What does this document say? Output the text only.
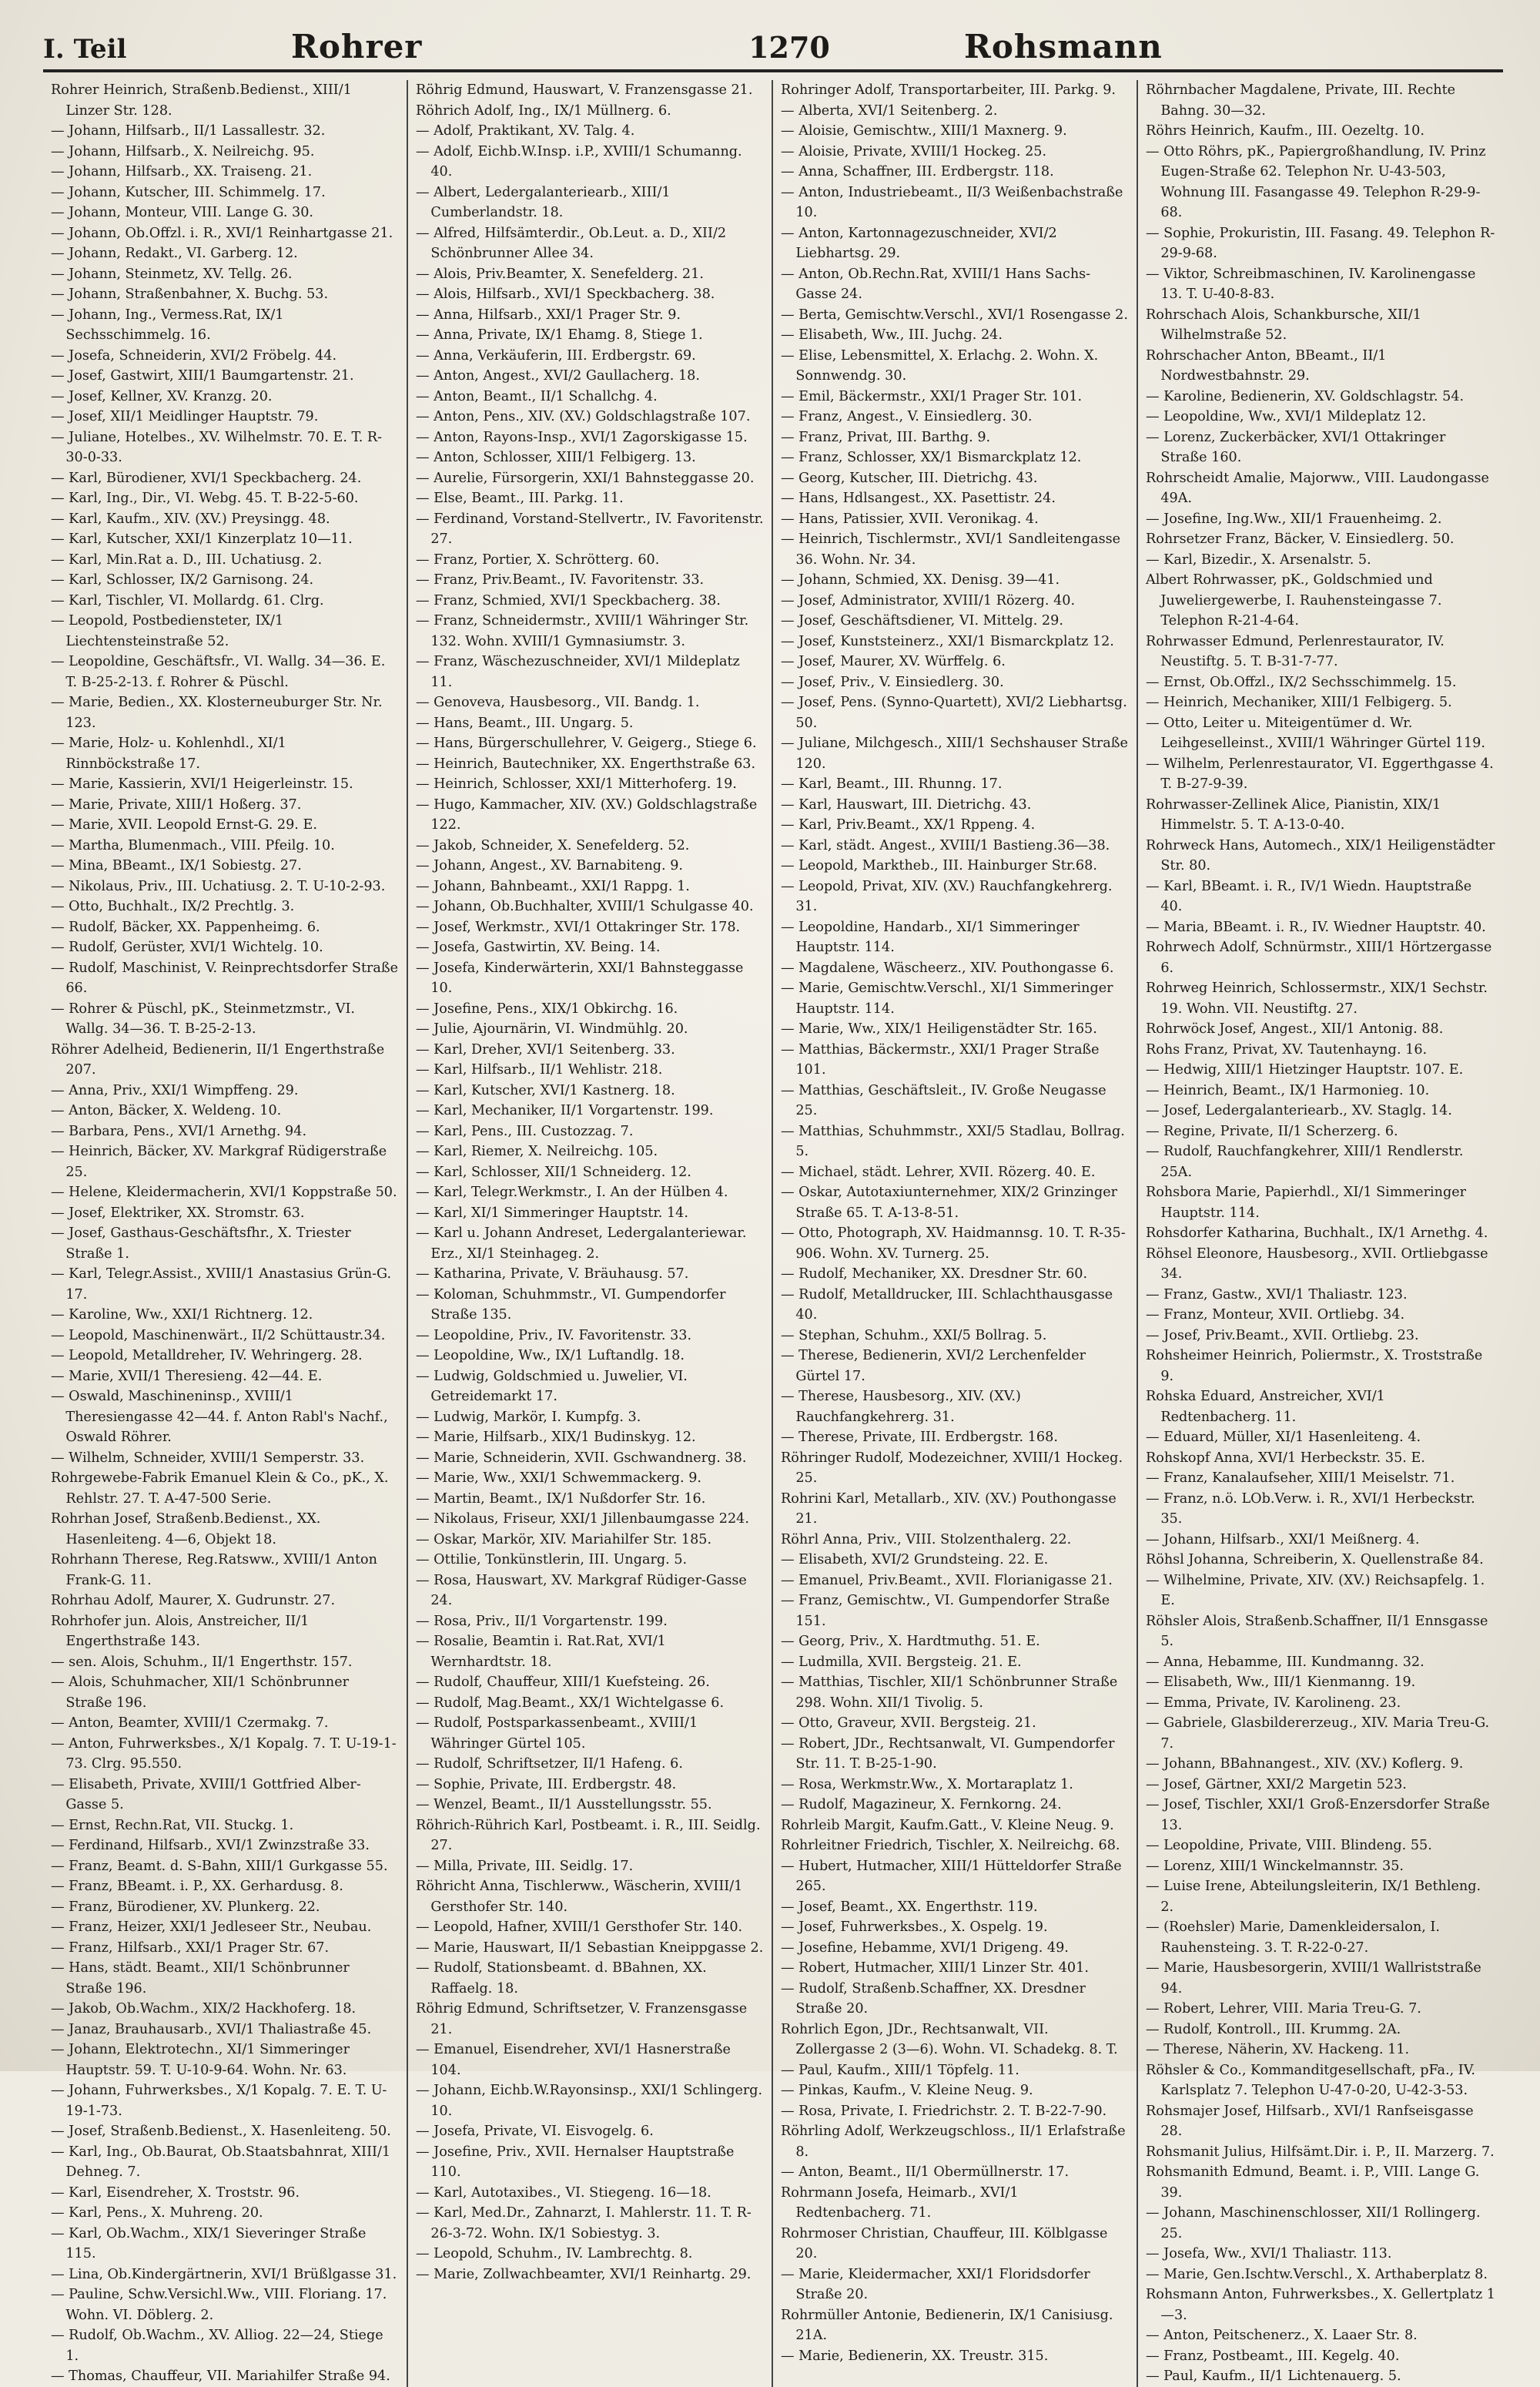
I. Teil	Rohrer	1270	Rohsmann

Rohrer Heinrich, Straßenb.Bedienst., XIII/1 Linzer Str. 128.

— Johann, Hilfsarb., II/1 Lassallestr. 32.

— Johann, Hilfsarb., X. Neilreichg. 95.

— Johann, Hilfsarb., XX. Traiseng. 21.

— Johann, Kutscher, III. Schimmelg. 17.

— Johann, Monteur, VIII. Lange G. 30.

— Johann, Ob.Offzl. i. R., XVI/1 Reinhartgasse 21.

— Johann, Redakt., VI. Garberg. 12.

— Johann, Steinmetz, XV. Tellg. 26.

— Johann, Straßenbahner, X. Buchg. 53.

— Johann, Ing., Vermess.Rat, IX/1 Sechsschimmelg. 16.

— Josefa, Schneiderin, XVI/2 Fröbelg. 44.

— Josef, Gastwirt, XIII/1 Baumgartenstr. 21.

— Josef, Kellner, XV. Kranzg. 20.

— Josef, XII/1 Meidlinger Hauptstr. 79.

— Juliane, Hotelbes., XV. Wilhelmstr. 70. E. T. R-30-0-33.

— Karl, Bürodiener, XVI/1 Speckbacherg. 24.

— Karl, Ing., Dir., VI. Webg. 45. T. B-22-5-60.

— Karl, Kaufm., XIV. (XV.) Preysingg. 48.

— Karl, Kutscher, XXI/1 Kinzerplatz 10—11.

— Karl, Min.Rat a. D., III. Uchatiusg. 2.

— Karl, Schlosser, IX/2 Garnisong. 24.

— Karl, Tischler, VI. Mollardg. 61. Clrg.

— Leopold, Postbediensteter, IX/1 Liechtensteinstraße 52.

— Leopoldine, Geschäftsfr., VI. Wallg. 34—36. E. T. B-25-2-13. f. Rohrer & Püschl.

— Marie, Bedien., XX. Klosterneuburger Str. Nr. 123.

— Marie, Holz- u. Kohlenhdl., XI/1 Rinnböckstraße 17.

— Marie, Kassierin, XVI/1 Heigerleinstr. 15.

— Marie, Private, XIII/1 Hoßerg. 37.

— Marie, XVII. Leopold Ernst-G. 29. E.

— Martha, Blumenmach., VIII. Pfeilg. 10.

— Mina, BBeamt., IX/1 Sobiestg. 27.

— Nikolaus, Priv., III. Uchatiusg. 2. T. U-10-2-93.

— Otto, Buchhalt., IX/2 Prechtlg. 3.

— Rudolf, Bäcker, XX. Pappenheimg. 6.

— Rudolf, Gerüster, XVI/1 Wichtelg. 10.

— Rudolf, Maschinist, V. Reinprechtsdorfer Straße 66.

— Rohrer & Püschl, pK., Steinmetzmstr., VI. Wallg. 34—36. T. B-25-2-13.

Röhrer Adelheid, Bedienerin, II/1 Engerthstraße 207.

— Anna, Priv., XXI/1 Wimpffeng. 29.

— Anton, Bäcker, X. Weldeng. 10.

— Barbara, Pens., XVI/1 Arnethg. 94.

— Heinrich, Bäcker, XV. Markgraf Rüdigerstraße 25.

— Helene, Kleidermacherin, XVI/1 Koppstraße 50.

— Josef, Elektriker, XX. Stromstr. 63.

— Josef, Gasthaus-Geschäftsfhr., X. Triester Straße 1.

— Karl, Telegr.Assist., XVIII/1 Anastasius Grün-G. 17.

— Karoline, Ww., XXI/1 Richtnerg. 12.

— Leopold, Maschinenwärt., II/2 Schüttaustr.34.

— Leopold, Metalldreher, IV. Wehringerg. 28.

— Marie, XVII/1 Theresieng. 42—44. E.

— Oswald, Maschineninsp., XVIII/1 Theresiengasse 42—44. f. Anton Rabl's Nachf., Oswald Röhrer.

— Wilhelm, Schneider, XVIII/1 Semperstr. 33.

Rohrgewebe-Fabrik Emanuel Klein & Co., pK., X. Rehlstr. 27. T. A-47-500 Serie.

Rohrhan Josef, Straßenb.Bedienst., XX. Hasenleiteng. 4—6, Objekt 18.

Rohrhann Therese, Reg.Ratsww., XVIII/1 Anton Frank-G. 11.

Rohrhau Adolf, Maurer, X. Gudrunstr. 27.

Rohrhofer jun. Alois, Anstreicher, II/1 Engerthstraße 143.

— sen. Alois, Schuhm., II/1 Engerthstr. 157.

— Alois, Schuhmacher, XII/1 Schönbrunner Straße 196.

— Anton, Beamter, XVIII/1 Czermakg. 7.

— Anton, Fuhrwerksbes., X/1 Kopalg. 7. T. U-19-1-73. Clrg. 95.550.

— Elisabeth, Private, XVIII/1 Gottfried Alber-Gasse 5.

— Ernst, Rechn.Rat, VII. Stuckg. 1.

— Ferdinand, Hilfsarb., XVI/1 Zwinzstraße 33.

— Franz, Beamt. d. S-Bahn, XIII/1 Gurkgasse 55.

— Franz, BBeamt. i. P., XX. Gerhardusg. 8.

— Franz, Bürodiener, XV. Plunkerg. 22.

— Franz, Heizer, XXI/1 Jedleseer Str., Neubau.

— Franz, Hilfsarb., XXI/1 Prager Str. 67.

— Hans, städt. Beamt., XII/1 Schönbrunner Straße 196.

— Jakob, Ob.Wachm., XIX/2 Hackhoferg. 18.

— Janaz, Brauhausarb., XVI/1 Thaliastraße 45.

— Johann, Elektrotechn., XI/1 Simmeringer Hauptstr. 59. T. U-10-9-64. Wohn. Nr. 63.

— Johann, Fuhrwerksbes., X/1 Kopalg. 7. E. T. U-19-1-73.

— Josef, Straßenb.Bedienst., X. Hasenleiteng. 50.

— Karl, Ing., Ob.Baurat, Ob.Staatsbahnrat, XIII/1 Dehneg. 7.

— Karl, Eisendreher, X. Troststr. 96.

— Karl, Pens., X. Muhreng. 20.

— Karl, Ob.Wachm., XIX/1 Sieveringer Straße 115.

— Lina, Ob.Kindergärtnerin, XVI/1 Brüßlgasse 31.

— Pauline, Schw.Versichl.Ww., VIII. Floriang. 17. Wohn. VI. Döblerg. 2.

— Rudolf, Ob.Wachm., XV. Alliog. 22—24, Stiege 1.

— Thomas, Chauffeur, VII. Mariahilfer Straße 94.

Röhrig Edmund, Hauswart, V. Franzensgasse 21.

Röhrich Adolf, Ing., IX/1 Müllnerg. 6.

— Adolf, Praktikant, XV. Talg. 4.

— Adolf, Eichb.W.Insp. i.P., XVIII/1 Schumanng. 40.

— Albert, Ledergalanteriearb., XIII/1 Cumberlandstr. 18.

— Alfred, Hilfsämterdir., Ob.Leut. a. D., XII/2 Schönbrunner Allee 34.

— Alois, Priv.Beamter, X. Senefelderg. 21.

— Alois, Hilfsarb., XVI/1 Speckbacherg. 38.

— Anna, Hilfsarb., XXI/1 Prager Str. 9.

— Anna, Private, IX/1 Ehamg. 8, Stiege 1.

— Anna, Verkäuferin, III. Erdbergstr. 69.

— Anton, Angest., XVI/2 Gaullacherg. 18.

— Anton, Beamt., II/1 Schallchg. 4.

— Anton, Pens., XIV. (XV.) Goldschlagstraße 107.

— Anton, Rayons-Insp., XVI/1 Zagorskigasse 15.

— Anton, Schlosser, XIII/1 Felbigerg. 13.

— Aurelie, Fürsorgerin, XXI/1 Bahnsteggasse 20.

— Else, Beamt., III. Parkg. 11.

— Ferdinand, Vorstand-Stellvertr., IV. Favoritenstr. 27.

— Franz, Portier, X. Schrötterg. 60.

— Franz, Priv.Beamt., IV. Favoritenstr. 33.

— Franz, Schmied, XVI/1 Speckbacherg. 38.

— Franz, Schneidermstr., XVIII/1 Währinger Str. 132. Wohn. XVIII/1 Gymnasiumstr. 3.

— Franz, Wäschezuschneider, XVI/1 Mildeplatz 11.

— Genoveva, Hausbesorg., VII. Bandg. 1.

— Hans, Beamt., III. Ungarg. 5.

— Hans, Bürgerschullehrer, V. Geigerg., Stiege 6.

— Heinrich, Bautechniker, XX. Engerthstraße 63.

— Heinrich, Schlosser, XXI/1 Mitterhoferg. 19.

— Hugo, Kammacher, XIV. (XV.) Goldschlagstraße 122.

— Jakob, Schneider, X. Senefelderg. 52.

— Johann, Angest., XV. Barnabiteng. 9.

— Johann, Bahnbeamt., XXI/1 Rappg. 1.

— Johann, Ob.Buchhalter, XVIII/1 Schulgasse 40.

— Josef, Werkmstr., XVI/1 Ottakringer Str. 178.

— Josefa, Gastwirtin, XV. Being. 14.

— Josefa, Kinderwärterin, XXI/1 Bahnsteggasse 10.

— Josefine, Pens., XIX/1 Obkirchg. 16.

— Julie, Ajournärin, VI. Windmühlg. 20.

— Karl, Dreher, XVI/1 Seitenberg. 33.

— Karl, Hilfsarb., II/1 Wehlistr. 218.

— Karl, Kutscher, XVI/1 Kastnerg. 18.

— Karl, Mechaniker, II/1 Vorgartenstr. 199.

— Karl, Pens., III. Custozzag. 7.

— Karl, Riemer, X. Neilreichg. 105.

— Karl, Schlosser, XII/1 Schneiderg. 12.

— Karl, Telegr.Werkmstr., I. An der Hülben 4.

— Karl, XI/1 Simmeringer Hauptstr. 14.

— Karl u. Johann Andreset, Ledergalanteriewar. Erz., XI/1 Steinhageg. 2.

— Katharina, Private, V. Bräuhausg. 57.

— Koloman, Schuhmmstr., VI. Gumpendorfer Straße 135.

— Leopoldine, Priv., IV. Favoritenstr. 33.

— Leopoldine, Ww., IX/1 Luftandlg. 18.

— Ludwig, Goldschmied u. Juwelier, VI. Getreidemarkt 17.

— Ludwig, Markör, I. Kumpfg. 3.

— Marie, Hilfsarb., XIX/1 Budinskyg. 12.

— Marie, Schneiderin, XVII. Gschwandnerg. 38.

— Marie, Ww., XXI/1 Schwemmackerg. 9.

— Martin, Beamt., IX/1 Nußdorfer Str. 16.

— Nikolaus, Friseur, XXI/1 Jillenbaumgasse 224.

— Oskar, Markör, XIV. Mariahilfer Str. 185.

— Ottilie, Tonkünstlerin, III. Ungarg. 5.

— Rosa, Hauswart, XV. Markgraf Rüdiger-Gasse 24.

— Rosa, Priv., II/1 Vorgartenstr. 199.

— Rosalie, Beamtin i. Rat.Rat, XVI/1 Wernhardtstr. 18.

— Rudolf, Chauffeur, XIII/1 Kuefsteing. 26.

— Rudolf, Mag.Beamt., XX/1 Wichtelgasse 6.

— Rudolf, Postsparkassenbeamt., XVIII/1 Währinger Gürtel 105.

— Rudolf, Schriftsetzer, II/1 Hafeng. 6.

— Sophie, Private, III. Erdbergstr. 48.

— Wenzel, Beamt., II/1 Ausstellungsstr. 55.

Röhrich-Rührich Karl, Postbeamt. i. R., III. Seidlg. 27.

— Milla, Private, III. Seidlg. 17.

Röhricht Anna, Tischlerww., Wäscherin, XVIII/1 Gersthofer Str. 140.

— Leopold, Hafner, XVIII/1 Gersthofer Str. 140.

— Marie, Hauswart, II/1 Sebastian Kneippgasse 2.

— Rudolf, Stationsbeamt. d. BBahnen, XX. Raffaelg. 18.

Röhrig Edmund, Schriftsetzer, V. Franzensgasse 21.

— Emanuel, Eisendreher, XVI/1 Hasnerstraße 104.

— Johann, Eichb.W.Rayonsinsp., XXI/1 Schlingerg. 10.

— Josefa, Private, VI. Eisvogelg. 6.

— Josefine, Priv., XVII. Hernalser Hauptstraße 110.

— Karl, Autotaxibes., VI. Stiegeng. 16—18.

— Karl, Med.Dr., Zahnarzt, I. Mahlerstr. 11. T. R-26-3-72. Wohn. IX/1 Sobiestyg. 3.

— Leopold, Schuhm., IV. Lambrechtg. 8.

— Marie, Zollwachbeamter, XVI/1 Reinhartg. 29.

Rohringer Adolf, Transportarbeiter, III. Parkg. 9.

— Alberta, XVI/1 Seitenberg. 2.

— Aloisie, Gemischtw., XIII/1 Maxnerg. 9.

— Aloisie, Private, XVIII/1 Hockeg. 25.

— Anna, Schaffner, III. Erdbergstr. 118.

— Anton, Industriebeamt., II/3 Weißenbachstraße 10.

— Anton, Kartonnagezuschneider, XVI/2 Liebhartsg. 29.

— Anton, Ob.Rechn.Rat, XVIII/1 Hans Sachs-Gasse 24.

— Berta, Gemischtw.Verschl., XVI/1 Rosengasse 2.

— Elisabeth, Ww., III. Juchg. 24.

— Elise, Lebensmittel, X. Erlachg. 2. Wohn. X. Sonnwendg. 30.

— Emil, Bäckermstr., XXI/1 Prager Str. 101.

— Franz, Angest., V. Einsiedlerg. 30.

— Franz, Privat, III. Barthg. 9.

— Franz, Schlosser, XX/1 Bismarckplatz 12.

— Georg, Kutscher, III. Dietrichg. 43.

— Hans, Hdlsangest., XX. Pasettistr. 24.

— Hans, Patissier, XVII. Veronikag. 4.

— Heinrich, Tischlermstr., XVI/1 Sandleitengasse 36. Wohn. Nr. 34.

— Johann, Schmied, XX. Denisg. 39—41.

— Josef, Administrator, XVIII/1 Rözerg. 40.

— Josef, Geschäftsdiener, VI. Mittelg. 29.

— Josef, Kunststeinerz., XXI/1 Bismarckplatz 12.

— Josef, Maurer, XV. Würffelg. 6.

— Josef, Priv., V. Einsiedlerg. 30.

— Josef, Pens. (Synno-Quartett), XVI/2 Liebhartsg. 50.

— Juliane, Milchgesch., XIII/1 Sechshauser Straße 120.

— Karl, Beamt., III. Rhunng. 17.

— Karl, Hauswart, III. Dietrichg. 43.

— Karl, Priv.Beamt., XX/1 Rppeng. 4.

— Karl, städt. Angest., XVIII/1 Bastieng.36—38.

— Leopold, Marktheb., III. Hainburger Str.68.

— Leopold, Privat, XIV. (XV.) Rauchfangkehrerg. 31.

— Leopoldine, Handarb., XI/1 Simmeringer Hauptstr. 114.

— Magdalene, Wäscheerz., XIV. Pouthongasse 6.

— Marie, Gemischtw.Verschl., XI/1 Simmeringer Hauptstr. 114.

— Marie, Ww., XIX/1 Heiligenstädter Str. 165.

— Matthias, Bäckermstr., XXI/1 Prager Straße 101.

— Matthias, Geschäftsleit., IV. Große Neugasse 25.

— Matthias, Schuhmmstr., XXI/5 Stadlau, Bollrag. 5.

— Michael, städt. Lehrer, XVII. Rözerg. 40. E.

— Oskar, Autotaxiunternehmer, XIX/2 Grinzinger Straße 65. T. A-13-8-51.

— Otto, Photograph, XV. Haidmannsg. 10. T. R-35-906. Wohn. XV. Turnerg. 25.

— Rudolf, Mechaniker, XX. Dresdner Str. 60.

— Rudolf, Metalldrucker, III. Schlachthausgasse 40.

— Stephan, Schuhm., XXI/5 Bollrag. 5.

— Therese, Bedienerin, XVI/2 Lerchenfelder Gürtel 17.

— Therese, Hausbesorg., XIV. (XV.) Rauchfangkehrerg. 31.

— Therese, Private, III. Erdbergstr. 168.

Röhringer Rudolf, Modezeichner, XVIII/1 Hockeg. 25.

Rohrini Karl, Metallarb., XIV. (XV.) Pouthongasse 21.

Röhrl Anna, Priv., VIII. Stolzenthalerg. 22.

— Elisabeth, XVI/2 Grundsteing. 22. E.

— Emanuel, Priv.Beamt., XVII. Florianigasse 21.

— Franz, Gemischtw., VI. Gumpendorfer Straße 151.

— Georg, Priv., X. Hardtmuthg. 51. E.

— Ludmilla, XVII. Bergsteig. 21. E.

— Matthias, Tischler, XII/1 Schönbrunner Straße 298. Wohn. XII/1 Tivolig. 5.

— Otto, Graveur, XVII. Bergsteig. 21.

— Robert, JDr., Rechtsanwalt, VI. Gumpendorfer Str. 11. T. B-25-1-90.

— Rosa, Werkmstr.Ww., X. Mortaraplatz 1.

— Rudolf, Magazineur, X. Fernkorng. 24.

Rohrleib Margit, Kaufm.Gatt., V. Kleine Neug. 9.

Rohrleitner Friedrich, Tischler, X. Neilreichg. 68.

— Hubert, Hutmacher, XIII/1 Hütteldorfer Straße 265.

— Josef, Beamt., XX. Engerthstr. 119.

— Josef, Fuhrwerksbes., X. Ospelg. 19.

— Josefine, Hebamme, XVI/1 Drigeng. 49.

— Robert, Hutmacher, XIII/1 Linzer Str. 401.

— Rudolf, Straßenb.Schaffner, XX. Dresdner Straße 20.

Rohrlich Egon, JDr., Rechtsanwalt, VII. Zollergasse 2 (3—6). Wohn. VI. Schadekg. 8. T.

— Paul, Kaufm., XIII/1 Töpfelg. 11.

— Pinkas, Kaufm., V. Kleine Neug. 9.

— Rosa, Private, I. Friedrichstr. 2. T. B-22-7-90.

Röhrling Adolf, Werkzeugschloss., II/1 Erlafstraße 8.

— Anton, Beamt., II/1 Obermüllnerstr. 17.

Rohrmann Josefa, Heimarb., XVI/1 Redtenbacherg. 71.

Rohrmoser Christian, Chauffeur, III. Kölblgasse 20.

— Marie, Kleidermacher, XXI/1 Floridsdorfer Straße 20.

Rohrmüller Antonie, Bedienerin, IX/1 Canisiusg. 21A.

— Marie, Bedienerin, XX. Treustr. 315.

Röhrnbacher Magdalene, Private, III. Rechte Bahng. 30—32.

Röhrs Heinrich, Kaufm., III. Oezeltg. 10.

— Otto Röhrs, pK., Papiergroßhandlung, IV. Prinz Eugen-Straße 62. Telephon Nr. U-43-503, Wohnung III. Fasangasse 49. Telephon R-29-9-68.

— Sophie, Prokuristin, III. Fasang. 49. Telephon R-29-9-68.

— Viktor, Schreibmaschinen, IV. Karolinengasse 13. T. U-40-8-83.

Rohrschach Alois, Schankbursche, XII/1 Wilhelmstraße 52.

Rohrschacher Anton, BBeamt., II/1 Nordwestbahnstr. 29.

— Karoline, Bedienerin, XV. Goldschlagstr. 54.

— Leopoldine, Ww., XVI/1 Mildeplatz 12.

— Lorenz, Zuckerbäcker, XVI/1 Ottakringer Straße 160.

Rohrscheidt Amalie, Majorww., VIII. Laudongasse 49A.

— Josefine, Ing.Ww., XII/1 Frauenheimg. 2.

Rohrsetzer Franz, Bäcker, V. Einsiedlerg. 50.

— Karl, Bizedir., X. Arsenalstr. 5.

Albert Rohrwasser, pK., Goldschmied und Juweliergewerbe, I. Rauhensteingasse 7. Telephon R-21-4-64.

Rohrwasser Edmund, Perlenrestaurator, IV. Neustiftg. 5. T. B-31-7-77.

— Ernst, Ob.Offzl., IX/2 Sechsschimmelg. 15.

— Heinrich, Mechaniker, XIII/1 Felbigerg. 5.

— Otto, Leiter u. Miteigentümer d. Wr. Leihgeselleinst., XVIII/1 Währinger Gürtel 119.

— Wilhelm, Perlenrestaurator, VI. Eggerthgasse 4. T. B-27-9-39.

Rohrwasser-Zellinek Alice, Pianistin, XIX/1 Himmelstr. 5. T. A-13-0-40.

Rohrweck Hans, Automech., XIX/1 Heiligenstädter Str. 80.

— Karl, BBeamt. i. R., IV/1 Wiedn. Hauptstraße 40.

— Maria, BBeamt. i. R., IV. Wiedner Hauptstr. 40.

Rohrwech Adolf, Schnürmstr., XIII/1 Hörtzergasse 6.

Rohrweg Heinrich, Schlossermstr., XIX/1 Sechstr. 19. Wohn. VII. Neustiftg. 27.

Rohrwöck Josef, Angest., XII/1 Antonig. 88.

Rohs Franz, Privat, XV. Tautenhayng. 16.

— Hedwig, XIII/1 Hietzinger Hauptstr. 107. E.

— Heinrich, Beamt., IX/1 Harmonieg. 10.

— Josef, Ledergalanteriearb., XV. Staglg. 14.

— Regine, Private, II/1 Scherzerg. 6.

— Rudolf, Rauchfangkehrer, XIII/1 Rendlerstr. 25A.

Rohsbora Marie, Papierhdl., XI/1 Simmeringer Hauptstr. 114.

Rohsdorfer Katharina, Buchhalt., IX/1 Arnethg. 4.

Röhsel Eleonore, Hausbesorg., XVII. Ortliebgasse 34.

— Franz, Gastw., XVI/1 Thaliastr. 123.

— Franz, Monteur, XVII. Ortliebg. 34.

— Josef, Priv.Beamt., XVII. Ortliebg. 23.

Rohsheimer Heinrich, Poliermstr., X. Troststraße 9.

Rohska Eduard, Anstreicher, XVI/1 Redtenbacherg. 11.

— Eduard, Müller, XI/1 Hasenleiteng. 4.

Rohskopf Anna, XVI/1 Herbeckstr. 35. E.

— Franz, Kanalaufseher, XIII/1 Meiselstr. 71.

— Franz, n.ö. LOb.Verw. i. R., XVI/1 Herbeckstr. 35.

— Johann, Hilfsarb., XXI/1 Meißnerg. 4.

Röhsl Johanna, Schreiberin, X. Quellenstraße 84.

— Wilhelmine, Private, XIV. (XV.) Reichsapfelg. 1. E.

Röhsler Alois, Straßenb.Schaffner, II/1 Ennsgasse 5.

— Anna, Hebamme, III. Kundmanng. 32.

— Elisabeth, Ww., III/1 Kienmanng. 19.

— Emma, Private, IV. Karolineng. 23.

— Gabriele, Glasbildererzeug., XIV. Maria Treu-G. 7.

— Johann, BBahnangest., XIV. (XV.) Koflerg. 9.

— Josef, Gärtner, XXI/2 Margetin 523.

— Josef, Tischler, XXI/1 Groß-Enzersdorfer Straße 13.

— Leopoldine, Private, VIII. Blindeng. 55.

— Lorenz, XIII/1 Winckelmannstr. 35.

— Luise Irene, Abteilungsleiterin, IX/1 Bethleng. 2.

— (Roehsler) Marie, Damenkleidersalon, I. Rauhensteing. 3. T. R-22-0-27.

— Marie, Hausbesorgerin, XVIII/1 Wallriststraße 94.

— Robert, Lehrer, VIII. Maria Treu-G. 7.

— Rudolf, Kontroll., III. Krummg. 2A.

— Therese, Näherin, XV. Hackeng. 11.

Röhsler & Co., Kommanditgesellschaft, pFa., IV. Karlsplatz 7. Telephon U-47-0-20, U-42-3-53.

Rohsmajer Josef, Hilfsarb., XVI/1 Ranfseisgasse 28.

Rohsmanit Julius, Hilfsämt.Dir. i. P., II. Marzerg. 7.

Rohsmanith Edmund, Beamt. i. P., VIII. Lange G. 39.

— Johann, Maschinenschlosser, XII/1 Rollingerg. 25.

— Josefa, Ww., XVI/1 Thaliastr. 113.

— Marie, Gen.Ischtw.Verschl., X. Arthaberplatz 8.

Rohsmann Anton, Fuhrwerksbes., X. Gellertplatz 1—3.

— Anton, Peitschenerz., X. Laaer Str. 8.

— Franz, Postbeamt., III. Kegelg. 40.

— Paul, Kaufm., II/1 Lichtenauerg. 5.
